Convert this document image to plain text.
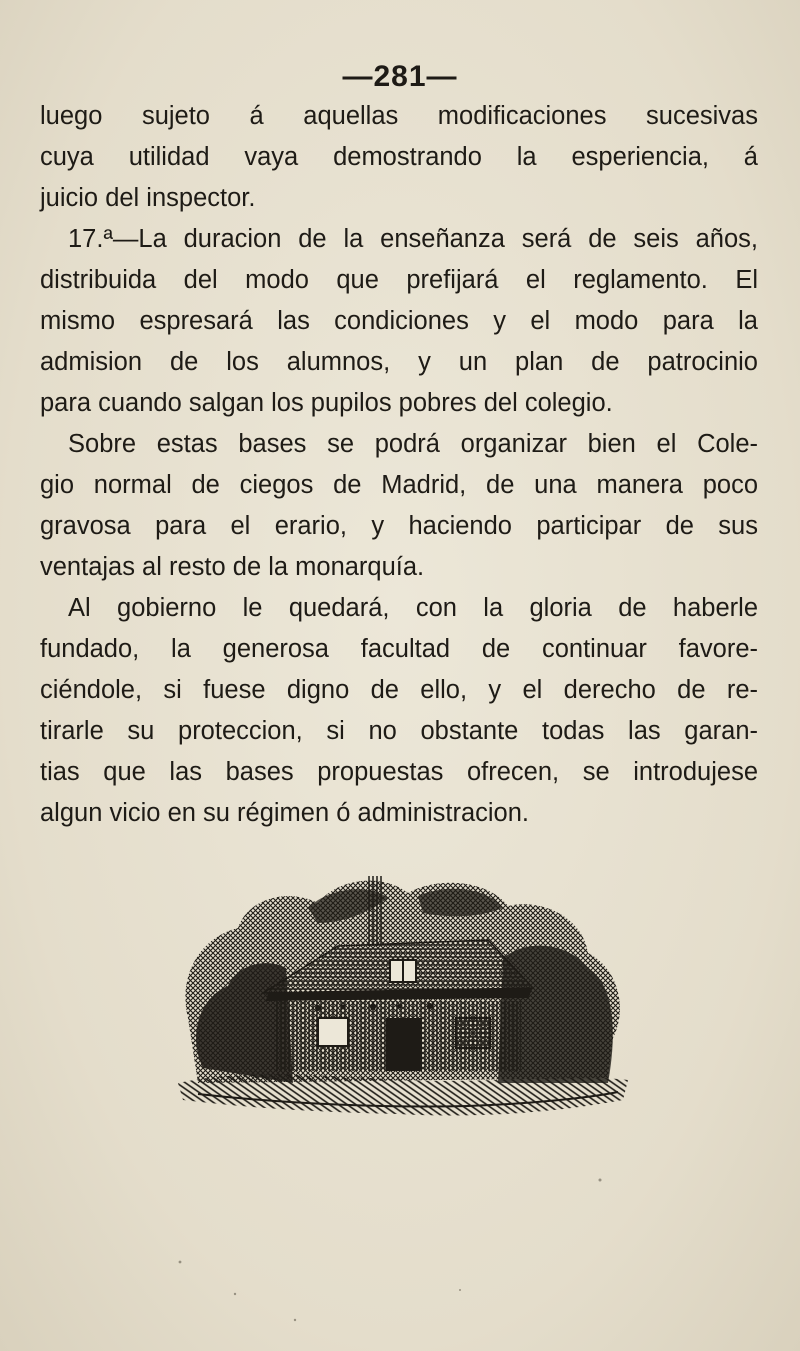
—281—
luego sujeto á aquellas modificaciones sucesivas
cuya utilidad vaya demostrando la esperiencia, á
juicio del inspector.
17.ª—La duracion de la enseñanza será de seis años,
distribuida del modo que prefijará el reglamento. El
mismo espresará las condiciones y el modo para la
admision de los alumnos, y un plan de patrocinio
para cuando salgan los pupilos pobres del colegio.
Sobre estas bases se podrá organizar bien el Cole-
gio normal de ciegos de Madrid, de una manera poco
gravosa para el erario, y haciendo participar de sus
ventajas al resto de la monarquía.
Al gobierno le quedará, con la gloria de haberle
fundado, la generosa facultad de continuar favore-
ciéndole, si fuese digno de ello, y el derecho de re-
tirarle su proteccion, si no obstante todas las garan-
tias que las bases propuestas ofrecen, se introdujese
algun vicio en su régimen ó administracion.
